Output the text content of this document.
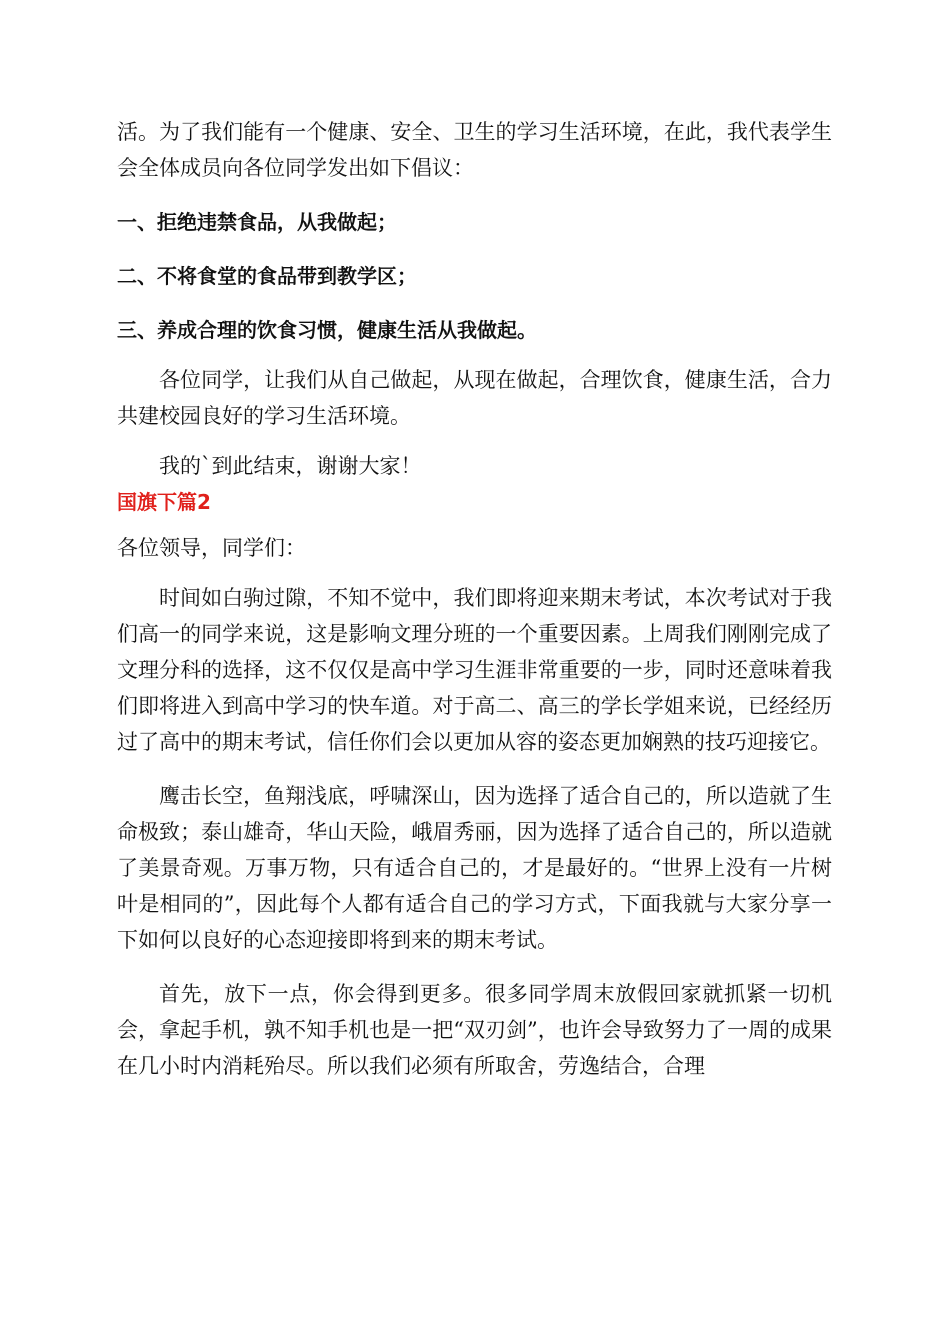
活。为了我们能有一个健康、安全、卫生的学习生活环境，在此，我代表学生会全体成员向各位同学发出如下倡议：

一、拒绝违禁食品，从我做起；

二、不将食堂的食品带到教学区；

三、养成合理的饮食习惯，健康生活从我做起。

各位同学，让我们从自己做起，从现在做起，合理饮食，健康生活，合力共建校园良好的学习生活环境。

我的`到此结束，谢谢大家！

国旗下篇2

各位领导，同学们：

时间如白驹过隙，不知不觉中，我们即将迎来期末考试，本次考试对于我们高一的同学来说，这是影响文理分班的一个重要因素。上周我们刚刚完成了文理分科的选择，这不仅仅是高中学习生涯非常重要的一步，同时还意味着我们即将进入到高中学习的快车道。对于高二、高三的学长学姐来说，已经经历过了高中的期末考试，信任你们会以更加从容的姿态更加娴熟的技巧迎接它。

鹰击长空，鱼翔浅底，呼啸深山，因为选择了适合自己的，所以造就了生命极致；泰山雄奇，华山天险，峨眉秀丽，因为选择了适合自己的，所以造就了美景奇观。万事万物，只有适合自己的，才是最好的。“世界上没有一片树叶是相同的”，因此每个人都有适合自己的学习方式，下面我就与大家分享一下如何以良好的心态迎接即将到来的期末考试。

首先，放下一点，你会得到更多。很多同学周末放假回家就抓紧一切机会，拿起手机，孰不知手机也是一把“双刃剑”，也许会导致努力了一周的成果在几小时内消耗殆尽。所以我们必须有所取舍，劳逸结合，合理
